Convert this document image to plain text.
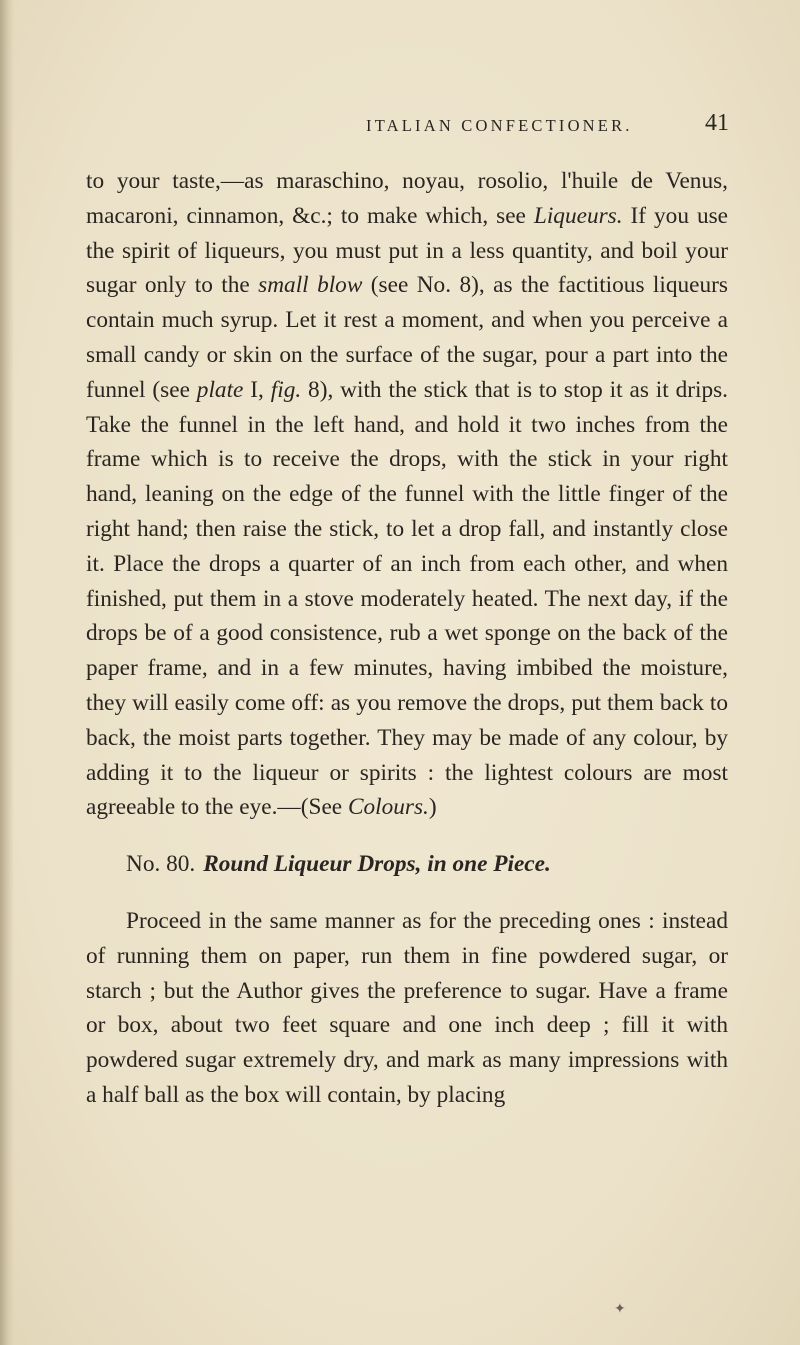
ITALIAN CONFECTIONER.	41

to your taste,—as maraschino, noyau, rosolio, l'huile de Venus, macaroni, cinnamon, &c.; to make which, see Liqueurs. If you use the spirit of liqueurs, you must put in a less quantity, and boil your sugar only to the small blow (see No. 8), as the factitious liqueurs contain much syrup. Let it rest a moment, and when you perceive a small candy or skin on the surface of the sugar, pour a part into the funnel (see plate I, fig. 8), with the stick that is to stop it as it drips. Take the funnel in the left hand, and hold it two inches from the frame which is to receive the drops, with the stick in your right hand, leaning on the edge of the funnel with the little finger of the right hand; then raise the stick, to let a drop fall, and instantly close it. Place the drops a quarter of an inch from each other, and when finished, put them in a stove moderately heated. The next day, if the drops be of a good consistence, rub a wet sponge on the back of the paper frame, and in a few minutes, having imbibed the moisture, they will easily come off: as you remove the drops, put them back to back, the moist parts together. They may be made of any colour, by adding it to the liqueur or spirits : the lightest colours are most agreeable to the eye.—(See Colours.)

No. 80. Round Liqueur Drops, in one Piece.

Proceed in the same manner as for the preceding ones : instead of running them on paper, run them in fine powdered sugar, or starch ; but the Author gives the preference to sugar. Have a frame or box, about two feet square and one inch deep ; fill it with powdered sugar extremely dry, and mark as many impressions with a half ball as the box will contain, by placing

✦
